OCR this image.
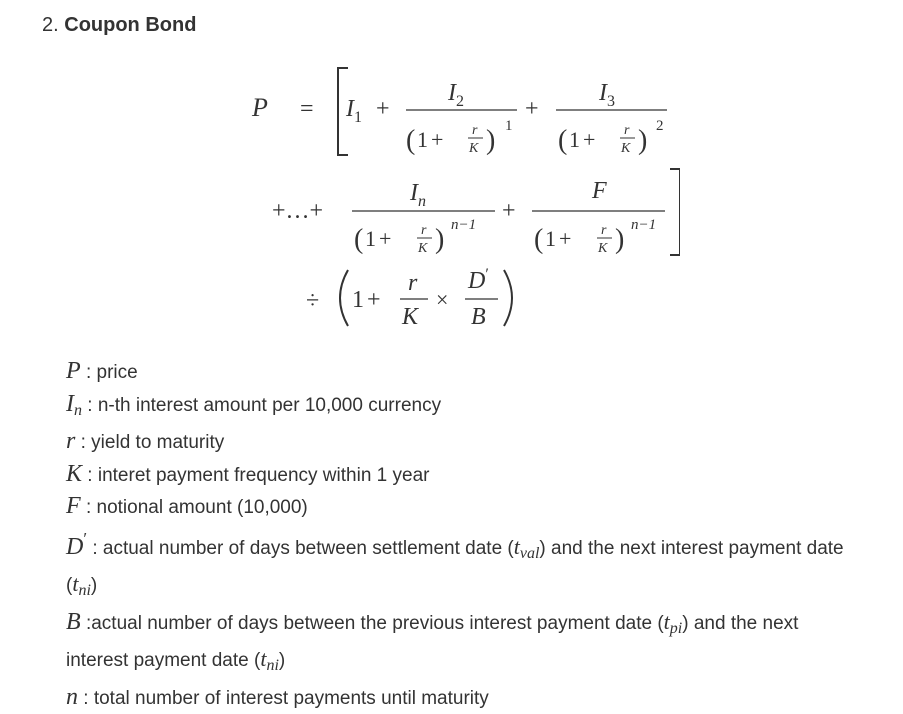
2. Coupon Bond
$P = I_1$ +
$I_2$
( 1 + r
K ) 1
+
$I_3$
( 1 + r
K ) 2
+…+
$I_n$
( 1 + r
K ) n−1
+
F
( 1 + r
K ) n−1
÷ 1 +
r
K
×
D′
B

P : price

$I_n$ : n-th interest amount per 10,000 currency

r : yield to maturity

K : interet payment frequency within 1 year

F : notional amount (10,000)

D′ : actual number of days between settlement date $(t_{val})$ and the next interest payment date $(t_{ni})$

B :actual number of days between the previous interest payment date $(t_{pi})$ and the next interest payment date $(t_{ni})$

n : total number of interest payments until maturity
